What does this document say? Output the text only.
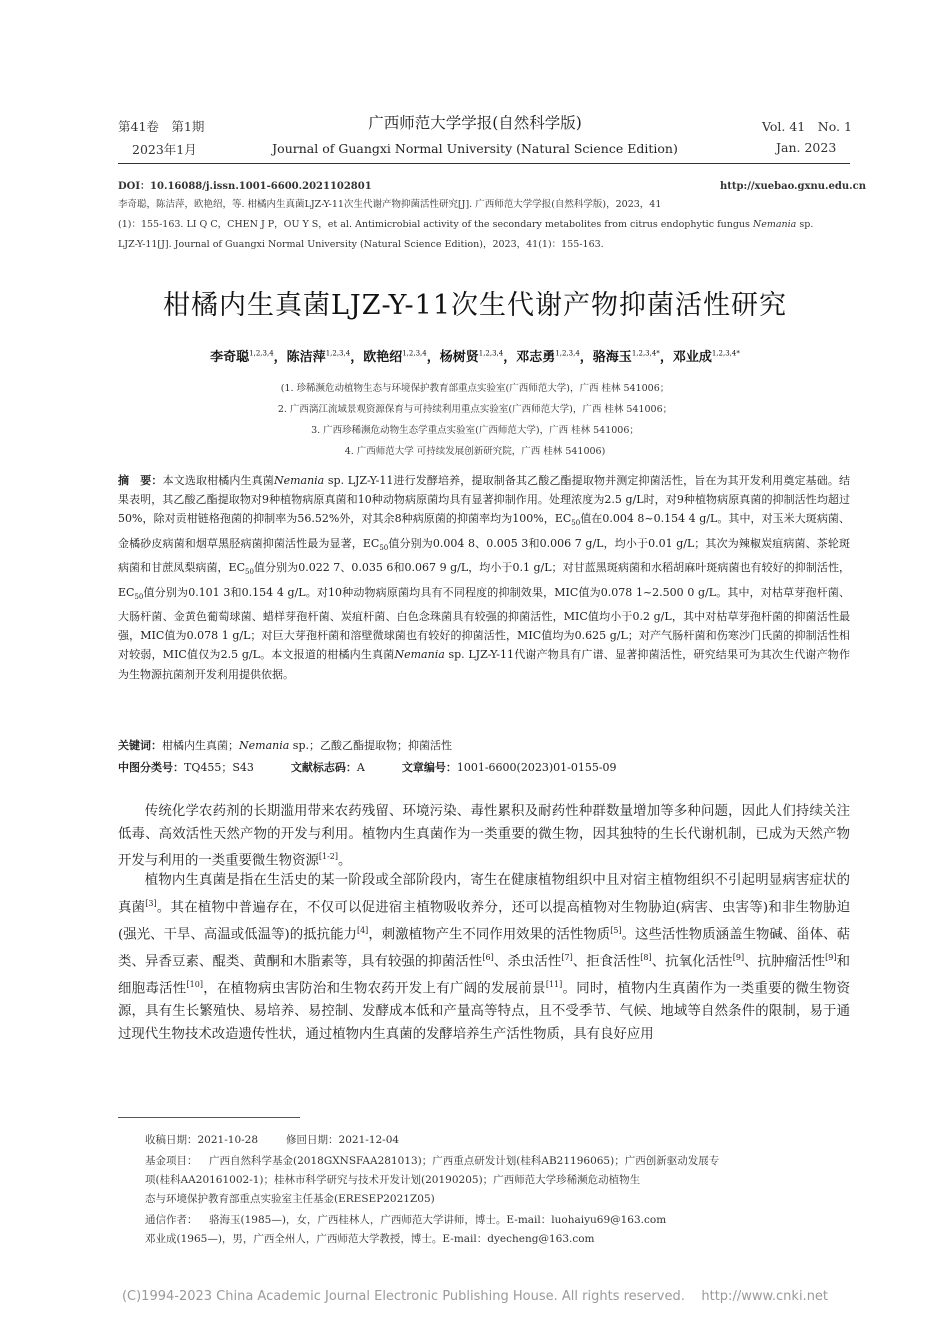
第41卷　第1期
2023年1月
广西师范大学学报(自然科学版)
Journal of Guangxi Normal University (Natural Science Edition)
Vol. 41　No. 1
Jan. 2023
DOI：10.16088/j.issn.1001-6600.2021102801	http://xuebao.gxnu.edu.cn
李奇聪，陈洁萍，欧艳绍，等. 柑橘内生真菌LJZ-Y-11次生代谢产物抑菌活性研究[J]. 广西师范大学学报(自然科学版)，2023，41
(1)：155-163. LI Q C，CHEN J P，OU Y S，et al. Antimicrobial activity of the secondary metabolites from citrus endophytic fungus Nemania sp.
LJZ-Y-11[J]. Journal of Guangxi Normal University (Natural Science Edition)，2023，41(1)：155-163.
柑橘内生真菌LJZ-Y-11次生代谢产物抑菌活性研究
李奇聪$^{1,2,3,4}$，陈洁萍$^{1,2,3,4}$，欧艳绍$^{1,2,3,4}$，杨树贤$^{1,2,3,4}$，邓志勇$^{1,2,3,4}$，骆海玉$^{1,2,3,4*}$，邓业成$^{1,2,3,4*}$
(1. 珍稀濒危动植物生态与环境保护教育部重点实验室(广西师范大学)，广西 桂林 541006；
2. 广西漓江流域景观资源保育与可持续利用重点实验室(广西师范大学)，广西 桂林 541006；
3. 广西珍稀濒危动物生态学重点实验室(广西师范大学)，广西 桂林 541006；
4. 广西师范大学 可持续发展创新研究院，广西 桂林 541006)
摘　要：本文选取柑橘内生真菌Nemania sp. LJZ-Y-11进行发酵培养，提取制备其乙酸乙酯提取物并测定抑菌活性，旨在为其开发利用奠定基础。结果表明，其乙酸乙酯提取物对9种植物病原真菌和10种动物病原菌均具有显著抑制作用。处理浓度为2.5 g/L时，对9种植物病原真菌的抑制活性均超过50%，除对贡柑链格孢菌的抑制率为56.52%外，对其余8种病原菌的抑菌率均为100%，$EC_{50}$值在0.004 8~0.154 4 g/L。其中，对玉米大斑病菌、金橘砂皮病菌和烟草黑胫病菌抑菌活性最为显著，$EC_{50}$值分别为0.004 8、0.005 3和0.006 7 g/L，均小于0.01 g/L；其次为辣椒炭疽病菌、茶轮斑病菌和甘蔗凤梨病菌，$EC_{50}$值分别为0.022 7、0.035 6和0.067 9 g/L，均小于0.1 g/L；对甘蓝黑斑病菌和水稻胡麻叶斑病菌也有较好的抑制活性，$EC_{50}$值分别为0.101 3和0.154 4 g/L。对10种动物病原菌均具有不同程度的抑制效果，MIC值为0.078 1~2.500 0 g/L。其中，对枯草芽孢杆菌、大肠杆菌、金黄色葡萄球菌、蜡样芽孢杆菌、炭疽杆菌、白色念珠菌具有较强的抑菌活性，MIC值均小于0.2 g/L，其中对枯草芽孢杆菌的抑菌活性最强，MIC值为0.078 1 g/L；对巨大芽孢杆菌和溶壁微球菌也有较好的抑菌活性，MIC值均为0.625 g/L；对产气肠杆菌和伤寒沙门氏菌的抑制活性相对较弱，MIC值仅为2.5 g/L。本文报道的柑橘内生真菌Nemania sp. LJZ-Y-11代谢产物具有广谱、显著抑菌活性，研究结果可为其次生代谢产物作为生物源抗菌剂开发利用提供依据。
关键词：柑橘内生真菌；Nemania sp.；乙酸乙酯提取物；抑菌活性
中图分类号：TQ455；S43	文献标志码：A	文章编号：1001-6600(2023)01-0155-09
传统化学农药剂的长期滥用带来农药残留、环境污染、毒性累积及耐药性种群数量增加等多种问题，因此人们持续关注低毒、高效活性天然产物的开发与利用。植物内生真菌作为一类重要的微生物，因其独特的生长代谢机制，已成为天然产物开发与利用的一类重要微生物资源[1-2]。
植物内生真菌是指在生活史的某一阶段或全部阶段内，寄生在健康植物组织中且对宿主植物组织不引起明显病害症状的真菌[3]。其在植物中普遍存在，不仅可以促进宿主植物吸收养分，还可以提高植物对生物胁迫(病害、虫害等)和非生物胁迫(强光、干旱、高温或低温等)的抵抗能力[4]，刺激植物产生不同作用效果的活性物质[5]。这些活性物质涵盖生物碱、甾体、萜类、异香豆素、醌类、黄酮和木脂素等，具有较强的抑菌活性[6]、杀虫活性[7]、拒食活性[8]、抗氧化活性[9]、抗肿瘤活性[9]和细胞毒活性[10]，在植物病虫害防治和生物农药开发上有广阔的发展前景[11]。同时，植物内生真菌作为一类重要的微生物资源，具有生长繁殖快、易培养、易控制、发酵成本低和产量高等特点，且不受季节、气候、地域等自然条件的限制，易于通过现代生物技术改造遗传性状，通过植物内生真菌的发酵培养生产活性物质，具有良好应用
收稿日期：2021-10-28	修回日期：2021-12-04
基金项目： 广西自然科学基金(2018GXNSFAA281013)；广西重点研发计划(桂科AB21196065)；广西创新驱动发展专
项(桂科AA20161002-1)；桂林市科学研究与技术开发计划(20190205)；广西师范大学珍稀濒危动植物生
态与环境保护教育部重点实验室主任基金(ERESEP2021Z05)
通信作者： 骆海玉(1985—)，女，广西桂林人，广西师范大学讲师，博士。E-mail：luohaiyu69@163.com
邓业成(1965—)，男，广西全州人，广西师范大学教授，博士。E-mail：dyecheng@163.com
(C)1994-2023 China Academic Journal Electronic Publishing House. All rights reserved.    http://www.cnki.net
